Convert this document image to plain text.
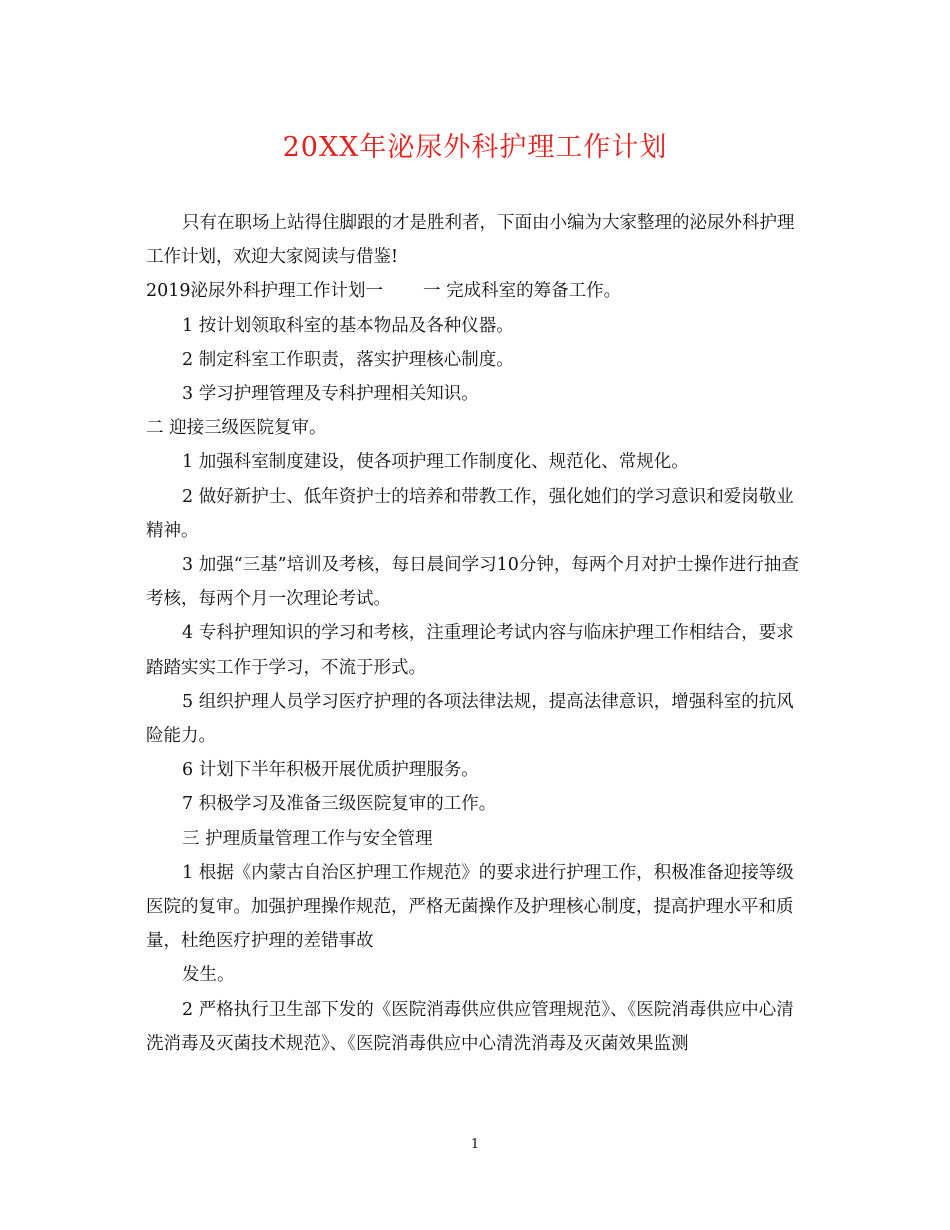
20XX年泌尿外科护理工作计划

只有在职场上站得住脚跟的才是胜利者，下面由小编为大家整理的泌尿外科护理工作计划，欢迎大家阅读与借鉴!

2019泌尿外科护理工作计划一 一 完成科室的筹备工作。

1 按计划领取科室的基本物品及各种仪器。

2 制定科室工作职责，落实护理核心制度。

3 学习护理管理及专科护理相关知识。

二 迎接三级医院复审。

1 加强科室制度建设，使各项护理工作制度化、规范化、常规化。

2 做好新护士、低年资护士的培养和带教工作，强化她们的学习意识和爱岗敬业精神。

3 加强“三基”培训及考核，每日晨间学习10分钟，每两个月对护士操作进行抽查考核，每两个月一次理论考试。

4 专科护理知识的学习和考核，注重理论考试内容与临床护理工作相结合，要求踏踏实实工作于学习，不流于形式。

5 组织护理人员学习医疗护理的各项法律法规，提高法律意识，增强科室的抗风险能力。

6 计划下半年积极开展优质护理服务。

7 积极学习及准备三级医院复审的工作。

三 护理质量管理工作与安全管理

1 根据《内蒙古自治区护理工作规范》的要求进行护理工作，积极准备迎接等级医院的复审。加强护理操作规范，严格无菌操作及护理核心制度，提高护理水平和质量，杜绝医疗护理的差错事故

发生。

2 严格执行卫生部下发的《医院消毒供应供应管理规范》、《医院消毒供应中心清洗消毒及灭菌技术规范》、《医院消毒供应中心清洗消毒及灭菌效果监测

1
